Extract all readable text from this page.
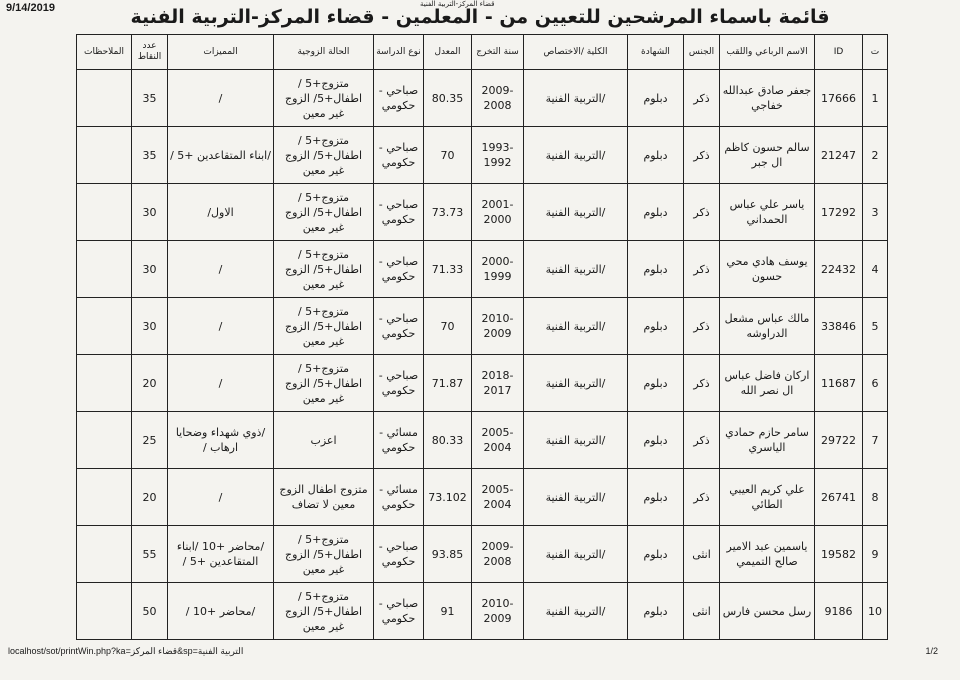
9/14/2019	قضاء المركز-التربية الفنية
قائمة باسماء المرشحين للتعيين من - المعلمين - قضاء المركز-التربية الفنية
ت	ID	الاسم الرباعي واللقب	الجنس	الشهادة	الكلية /الاختصاص	سنة التخرج	المعدل	نوع الدراسة	الحالة الزوجية	المميزات	عدد النقاط	الملاحظات
1	17666	جعفر صادق عبدالله خفاجي	ذكر	دبلوم	/التربية الفنية	2009-2008	80.35	صباحي - حكومي	متزوج+5 / اطفال+5/ الزوج غير معين	/	35	
2	21247	سالم حسون كاظم ال جبر	ذكر	دبلوم	/التربية الفنية	1993-1992	70	صباحي - حكومي	متزوج+5 / اطفال+5/ الزوج غير معين	/ابناء المتقاعدين +5 /	35	
3	17292	ياسر علي عباس الحمداني	ذكر	دبلوم	/التربية الفنية	2001-2000	73.73	صباحي - حكومي	متزوج+5 / اطفال+5/ الزوج غير معين	الاول/	30	
4	22432	يوسف هادي محي حسون	ذكر	دبلوم	/التربية الفنية	2000-1999	71.33	صباحي - حكومي	متزوج+5 / اطفال+5/ الزوج غير معين	/	30	
5	33846	مالك عباس مشعل الدراوشه	ذكر	دبلوم	/التربية الفنية	2010-2009	70	صباحي - حكومي	متزوج+5 / اطفال+5/ الزوج غير معين	/	30	
6	11687	اركان فاضل عباس ال نصر الله	ذكر	دبلوم	/التربية الفنية	2018-2017	71.87	صباحي - حكومي	متزوج+5 / اطفال+5/ الزوج غير معين	/	20	
7	29722	سامر حازم حمادي الياسري	ذكر	دبلوم	/التربية الفنية	2005-2004	80.33	مسائي - حكومي	اعزب	/ذوي شهداء وضحايا ارهاب /	25	
8	26741	علي كريم العيبي الطائي	ذكر	دبلوم	/التربية الفنية	2005-2004	73.102	مسائي - حكومي	متزوج اطفال الزوج معين لا تضاف	/	20	
9	19582	ياسمين عبد الامير صالح التميمي	انثى	دبلوم	/التربية الفنية	2009-2008	93.85	صباحي - حكومي	متزوج+5 / اطفال+5/ الزوج غير معين	/محاضر +10 /ابناء المتقاعدين +5 /	55	
10	9186	رسل محسن فارس	انثى	دبلوم	/التربية الفنية	2010-2009	91	صباحي - حكومي	متزوج+5 / اطفال+5/ الزوج غير معين	/محاضر +10 /	50	
localhost/sot/printWin.php?ka=قضاء المركز&sp=التربية الفنية	1/2
